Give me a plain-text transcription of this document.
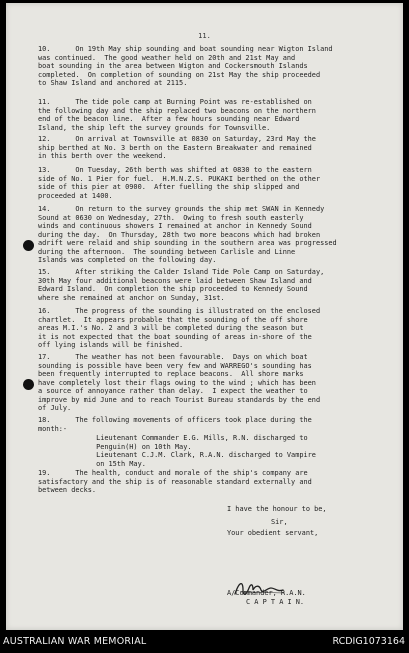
11.
10.      On 19th May ship sounding and boat sounding near Wigton Island
was continued.  The good weather held on 20th and 21st May and
boat sounding in the area between Wigton and Cockersmouth Islands
completed.  On completion of sounding on 21st May the ship proceeded
to Shaw Island and anchored at 2115.
11.      The tide pole camp at Burning Point was re-established on
the following day and the ship replaced two beacons on the northern
end of the beacon line.  After a few hours sounding near Edward
Island, the ship left the survey grounds for Townsville.
12.      On arrival at Townsville at 0830 on Saturday, 23rd May the
ship berthed at No. 3 berth on the Eastern Breakwater and remained
in this berth over the weekend.
13.      On Tuesday, 26th berth was shifted at 0830 to the eastern
side of No. 1 Pier for fuel.  H.M.N.Z.S. PUKAKI berthed on the other
side of this pier at 0900.  After fuelling the ship slipped and
proceeded at 1400.
14.      On return to the survey grounds the ship met SWAN in Kennedy
Sound at 0630 on Wednesday, 27th.  Owing to fresh south easterly
winds and continuous showers I remained at anchor in Kennedy Sound
during the day.  On Thursday, 28th two more beacons which had broken
adrift were relaid and ship sounding in the southern area was progressed
during the afternoon.  The sounding between Carlisle and Linne
Islands was completed on the following day.
15.      After striking the Calder Island Tide Pole Camp on Saturday,
30th May four additional beacons were laid between Shaw Island and
Edward Island.  On completion the ship proceeded to Kennedy Sound
where she remained at anchor on Sunday, 31st.
16.      The progress of the sounding is illustrated on the enclosed
chartlet.  It appears probable that the sounding of the off shore
areas M.I.'s No. 2 and 3 will be completed during the season but
it is not expected that the boat sounding of areas in-shore of the
off lying islands will be finished.
17.      The weather has not been favourable.  Days on which boat
sounding is possible have been very few and WARREGO's sounding has
been frequently interrupted to replace beacons.  All shore marks
have completely lost their flags owing to the wind ; which has been
a source of annoyance rather than delay.  I expect the weather to
improve by mid June and to reach Tourist Bureau standards by the end
of July.
18.      The following movements of officers took place during the
month:-
Lieutenant Commander E.G. Mills, R.N. discharged to
Penguin(H) on 10th May.
Lieutenant C.J.M. Clark, R.A.N. discharged to Vampire
on 15th May.
19.      The health, conduct and morale of the ship's company are
satisfactory and the ship is of reasonable standard externally and
between decks.
I have the honour to be,
Sir,
Your obedient servant,
A/Commander, R.A.N.
C A P T A I N.
AUSTRALIAN WAR MEMORIAL	RCDIG1073164
